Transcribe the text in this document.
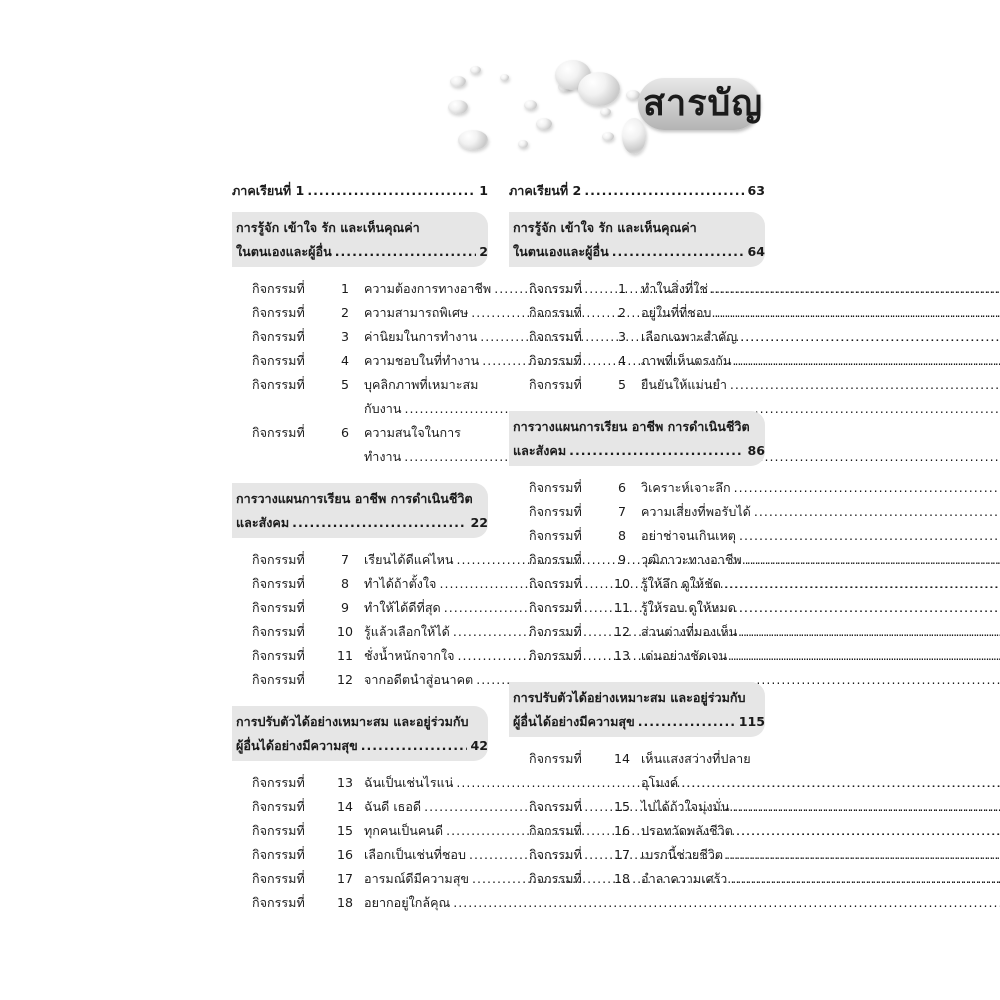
สารบัญ
ภาคเรียนที่ 1 .....	1
การรู้จัก เข้าใจ รัก และเห็นคุณค่า
ในตนเองและผู้อื่น .....	2
กิจกรรมที่	1	ความต้องการทางอาชีพ
.....
กิจกรรมที่	2	ความสามารถพิเศษ
.....
กิจกรรมที่	3	ค่านิยมในการทำงาน
.....
กิจกรรมที่	4	ความชอบในที่ทำงาน
.....
กิจกรรมที่	5	บุคลิกภาพที่เหมาะสม
กับงาน
.....
กิจกรรมที่	6	ความสนใจในการ
ทำงาน
.....
การวางแผนการเรียน อาชีพ การดำเนินชีวิต
และสังคม .....	22
กิจกรรมที่	7	เรียนได้ดีแค่ไหน
.....
กิจกรรมที่	8	ทำได้ถ้าตั้งใจ
.....
กิจกรรมที่	9	ทำให้ได้ดีที่สุด
.....
กิจกรรมที่	10 รู้แล้วเลือกให้ได้
.....
กิจกรรมที่	11 ชั่งน้ำหนักจากใจ
.....
กิจกรรมที่	12 จากอดีตนำสู่อนาคต
.....
การปรับตัวได้อย่างเหมาะสม และอยู่ร่วมกับ
ผู้อื่นได้อย่างมีความสุข .....	42
กิจกรรมที่	13 ฉันเป็นเช่นไรแน่
.....
กิจกรรมที่	14 ฉันดี เธอดี
.....
กิจกรรมที่	15 ทุกคนเป็นคนดี
.....
กิจกรรมที่	16 เลือกเป็นเช่นที่ชอบ
.....
กิจกรรมที่	17 อารมณ์ดีมีความสุข
.....
กิจกรรมที่	18 อยากอยู่ใกล้คุณ
.....
ภาคเรียนที่ 2 .....	63
การรู้จัก เข้าใจ รัก และเห็นคุณค่า
ในตนเองและผู้อื่น .....	64
กิจกรรมที่	1	ทำในสิ่งที่ใช่
.....
กิจกรรมที่	2	อยู่ในที่ที่ชอบ
.....
กิจกรรมที่	3	เลือกเฉพาะสำคัญ
.....
กิจกรรมที่	4	ภาพที่เห็นตรงกัน
.....
กิจกรรมที่	5	ยืนยันให้แม่นยำ
.....
การวางแผนการเรียน อาชีพ การดำเนินชีวิต
และสังคม .....	86
กิจกรรมที่	6	วิเคราะห์เจาะลึก
.....
กิจกรรมที่	7	ความเสี่ยงที่พอรับได้
.....
กิจกรรมที่	8	อย่าช่าจนเกินเหตุ
.....
กิจกรรมที่	9	วุฒิภาวะทางอาชีพ
.....
กิจกรรมที่	10 รู้ให้ลึก ดูให้ชัด
.....
กิจกรรมที่	11 รู้ให้รอบ ดูให้หมด
.....
กิจกรรมที่	12 ส่วนต่างที่มองเห็น
.....
กิจกรรมที่	13 เด่นอย่างชัดเจน
.....
การปรับตัวได้อย่างเหมาะสม และอยู่ร่วมกับ
ผู้อื่นได้อย่างมีความสุข .....	115
กิจกรรมที่	14 เห็นแสงสว่างที่ปลาย
อุโมงค์
.....
กิจกรรมที่	15 ไปได้ถ้าใจมุ่งมั่น
.....
กิจกรรมที่	16 ปรอทวัดพลังชีวิต
.....
กิจกรรมที่	17 เบรกนี้ช่วยชีวิต
.....
กิจกรรมที่	18 อำลาความเศร้า
.....
